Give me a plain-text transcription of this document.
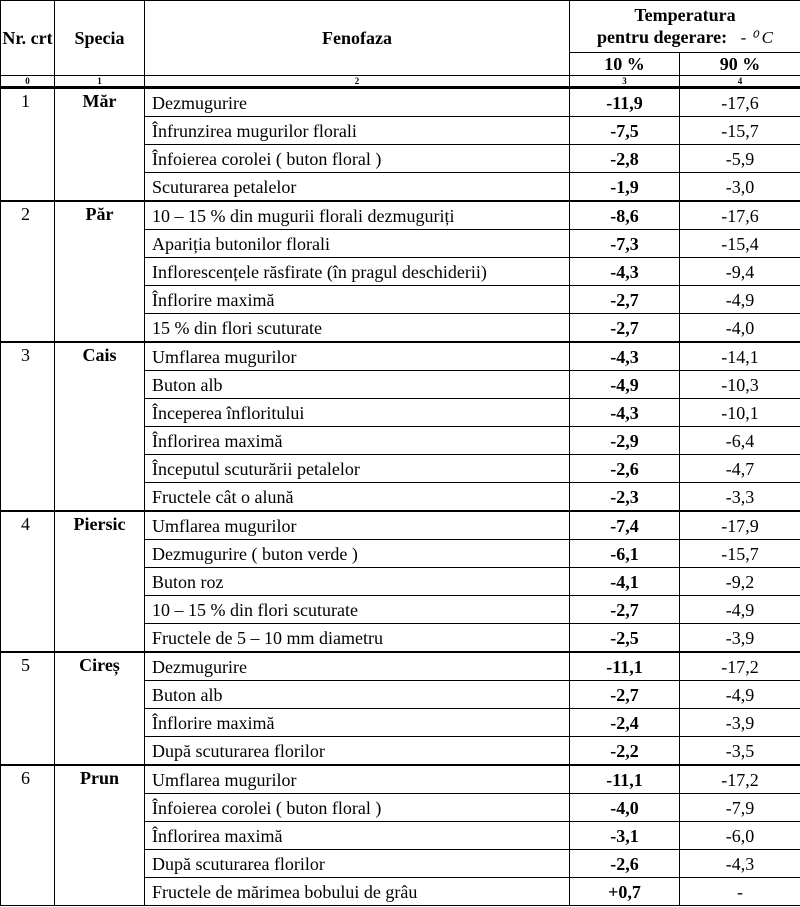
Nr. crt	Specia	Fenofaza	Temperatura
pentru degerare: - ⁰ C	

			10 %	90 %
0	1	2	3	4
1	Măr	Dezmugurire	-11,9	-17,6
		Înfrunzirea mugurilor florali	-7,5	-15,7
		Înfoierea corolei ( buton floral )	-2,8	-5,9
		Scuturarea petalelor	-1,9	-3,0
2	Păr	10 – 15 % din mugurii florali dezmuguriți	-8,6	-17,6
		Apariția butonilor florali	-7,3	-15,4
		Inflorescențele răsfirate (în pragul deschiderii)	-4,3	-9,4
		Înflorire maximă	-2,7	-4,9
		15 % din flori scuturate	-2,7	-4,0
3	Cais	Umflarea mugurilor	-4,3	-14,1
		Buton alb	-4,9	-10,3
		Începerea înfloritului	-4,3	-10,1
		Înflorirea maximă	-2,9	-6,4
		Începutul scuturării petalelor	-2,6	-4,7
		Fructele cât o alună	-2,3	-3,3
4	Piersic	Umflarea mugurilor	-7,4	-17,9
		Dezmugurire ( buton verde )	-6,1	-15,7
		Buton roz	-4,1	-9,2
		10 – 15 % din flori scuturate	-2,7	-4,9
		Fructele de 5 – 10 mm diametru	-2,5	-3,9
5	Cireș	Dezmugurire	-11,1	-17,2
		Buton alb	-2,7	-4,9
		Înflorire maximă	-2,4	-3,9
		După scuturarea florilor	-2,2	-3,5
6	Prun	Umflarea mugurilor	-11,1	-17,2
		Înfoierea corolei ( buton floral )	-4,0	-7,9
		Înflorirea maximă	-3,1	-6,0
		După scuturarea florilor	-2,6	-4,3
		Fructele de mărimea bobului de grâu	+0,7	-
